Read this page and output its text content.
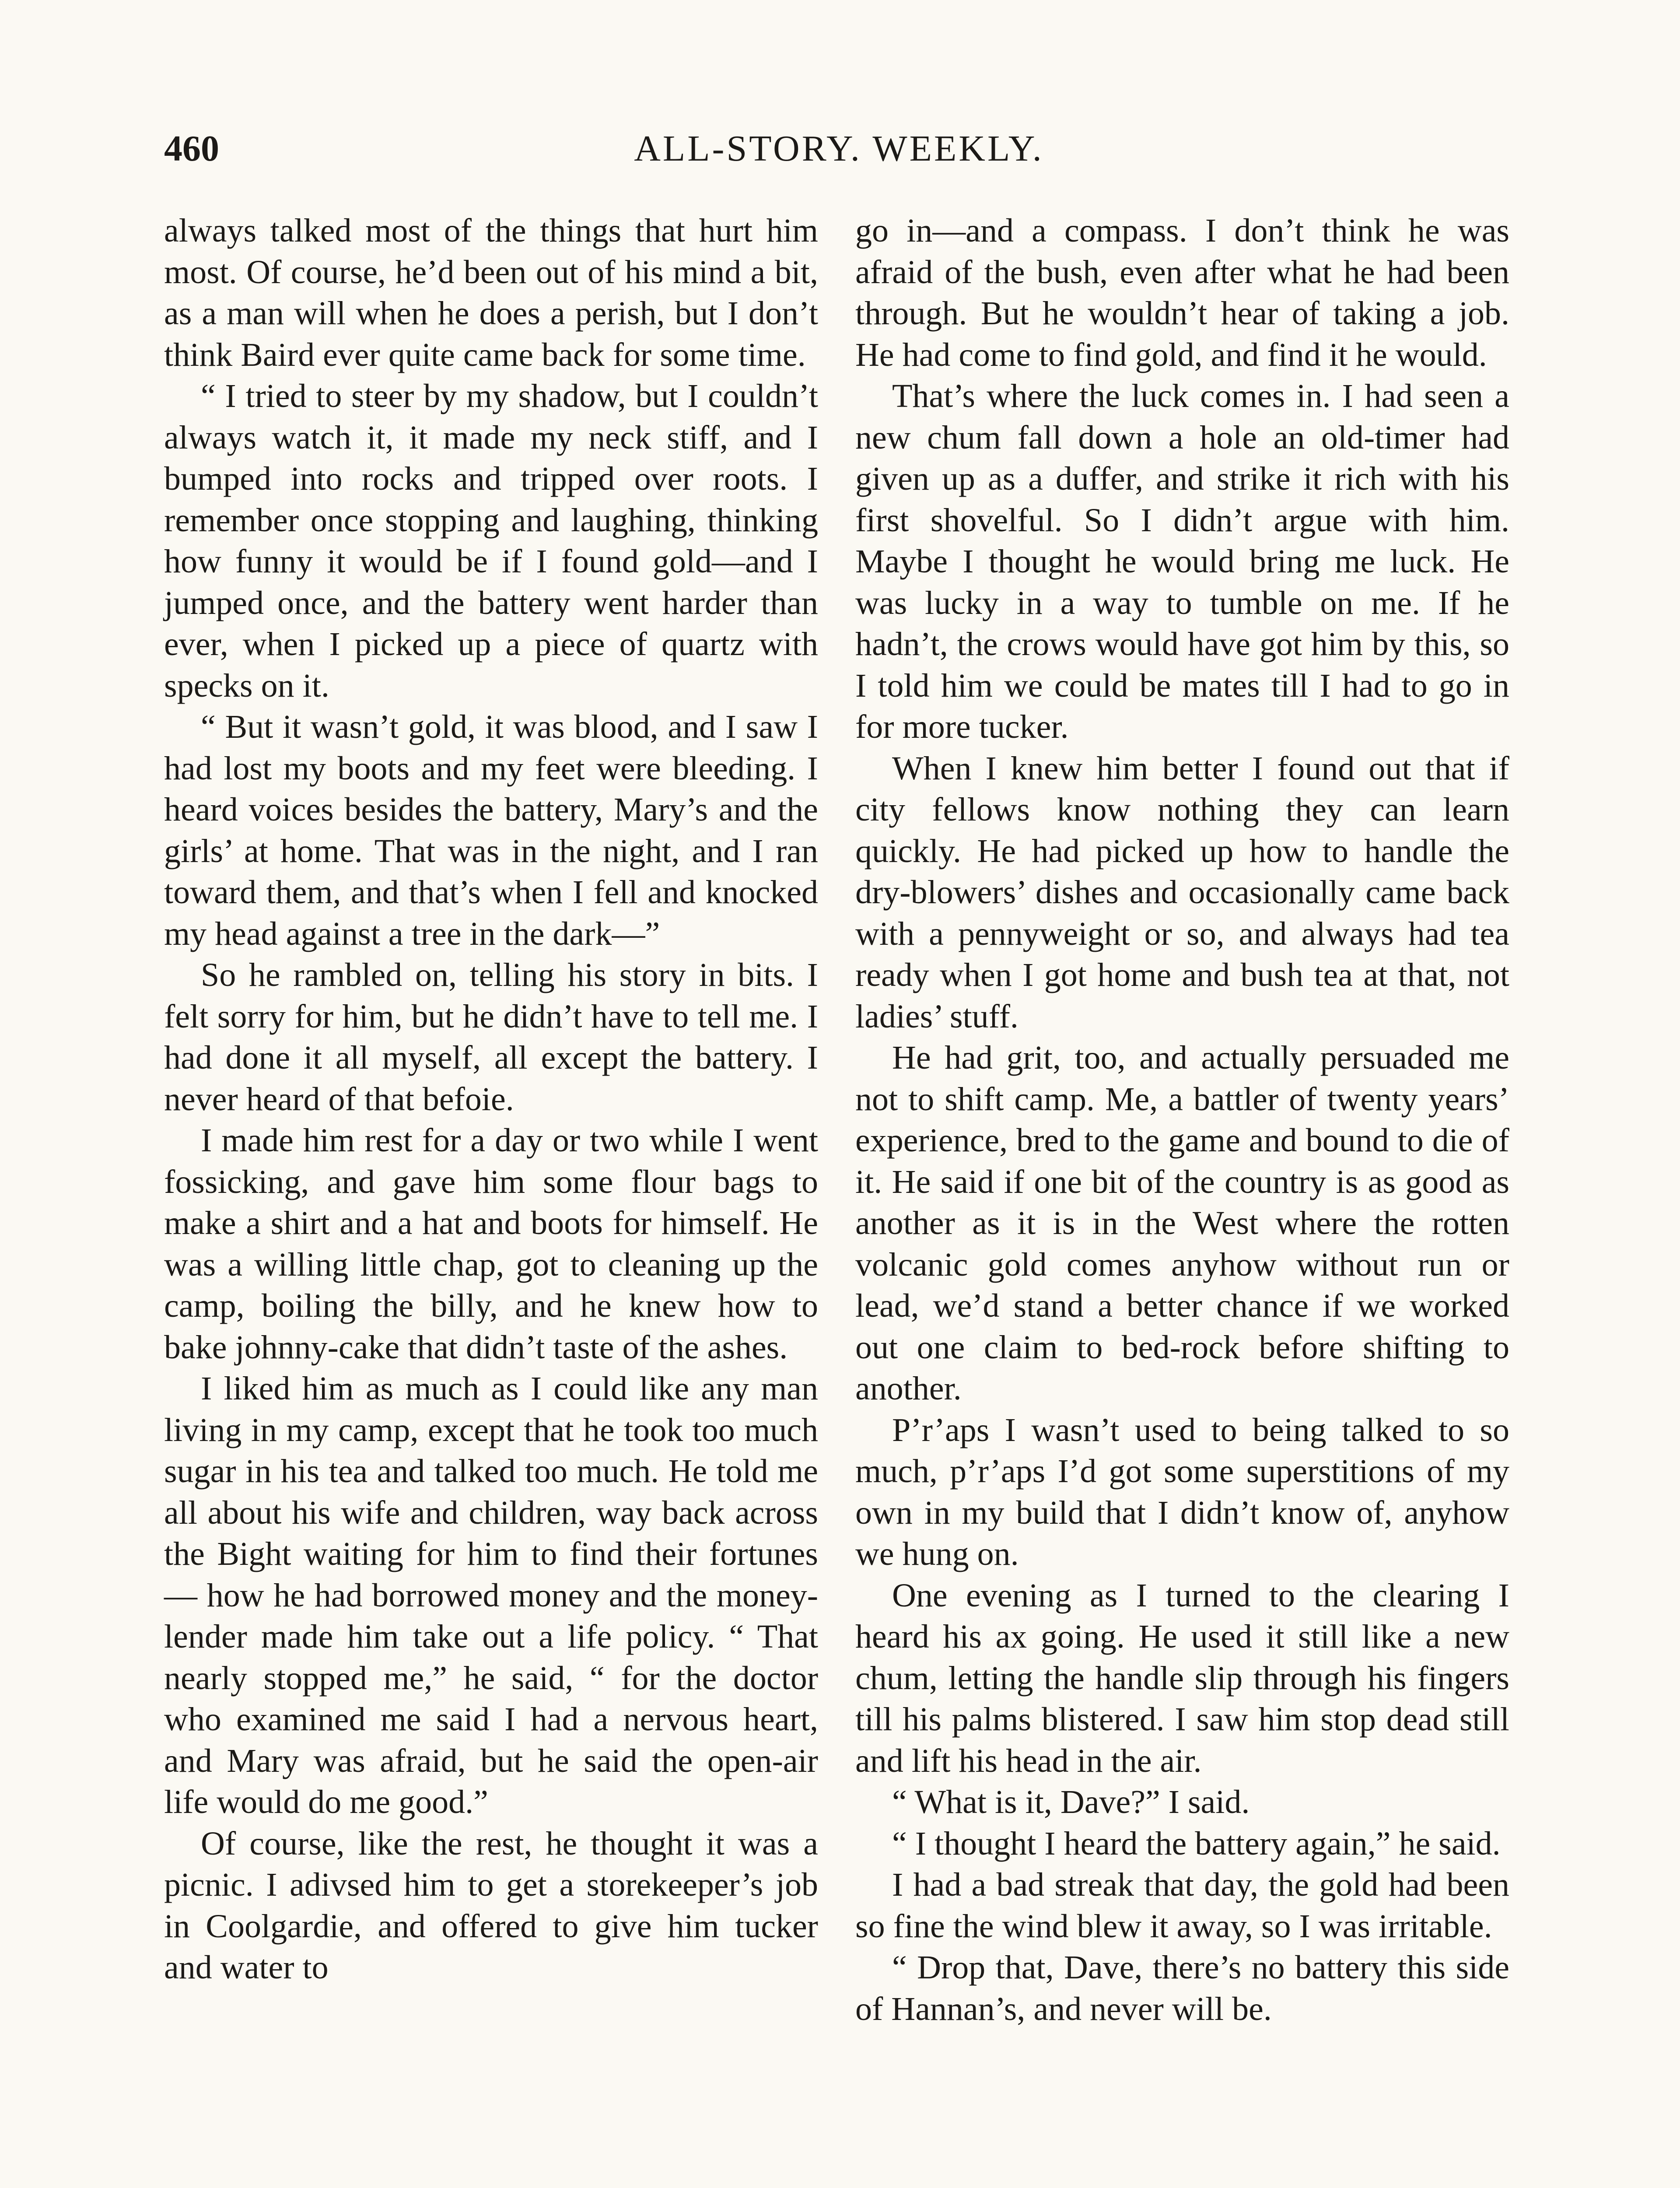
460	ALL-STORY. WEEKLY.

always talked most of the things that hurt him most. Of course, he’d been out of his mind a bit, as a man will when he does a perish, but I don’t think Baird ever quite came back for some time.

“ I tried to steer by my shadow, but I couldn’t always watch it, it made my neck stiff, and I bumped into rocks and tripped over roots. I remember once stopping and laughing, thinking how funny it would be if I found gold—and I jumped once, and the battery went harder than ever, when I picked up a piece of quartz with specks on it.

“ But it wasn’t gold, it was blood, and I saw I had lost my boots and my feet were bleeding. I heard voices besides the battery, Mary’s and the girls’ at home. That was in the night, and I ran toward them, and that’s when I fell and knocked my head against a tree in the dark—”

So he rambled on, telling his story in bits. I felt sorry for him, but he didn’t have to tell me. I had done it all myself, all except the battery. I never heard of that befoie.

I made him rest for a day or two while I went fossicking, and gave him some flour bags to make a shirt and a hat and boots for himself. He was a willing little chap, got to cleaning up the camp, boiling the billy, and he knew how to bake johnny-cake that didn’t taste of the ashes.

I liked him as much as I could like any man living in my camp, except that he took too much sugar in his tea and talked too much. He told me all about his wife and children, way back across the Bight waiting for him to find their fortunes — how he had borrowed money and the money-lender made him take out a life policy. “ That nearly stopped me,” he said, “ for the doctor who examined me said I had a nervous heart, and Mary was afraid, but he said the open-air life would do me good.”

Of course, like the rest, he thought it was a picnic. I adivsed him to get a storekeeper’s job in Coolgardie, and offered to give him tucker and water to

go in—and a compass. I don’t think he was afraid of the bush, even after what he had been through. But he wouldn’t hear of taking a job. He had come to find gold, and find it he would.

That’s where the luck comes in. I had seen a new chum fall down a hole an old-timer had given up as a duffer, and strike it rich with his first shovelful. So I didn’t argue with him. Maybe I thought he would bring me luck. He was lucky in a way to tumble on me. If he hadn’t, the crows would have got him by this, so I told him we could be mates till I had to go in for more tucker.

When I knew him better I found out that if city fellows know nothing they can learn quickly. He had picked up how to handle the dry-blowers’ dishes and occasionally came back with a pennyweight or so, and always had tea ready when I got home and bush tea at that, not ladies’ stuff.

He had grit, too, and actually persuaded me not to shift camp. Me, a battler of twenty years’ experience, bred to the game and bound to die of it. He said if one bit of the country is as good as another as it is in the West where the rotten volcanic gold comes anyhow without run or lead, we’d stand a better chance if we worked out one claim to bed-rock before shifting to another.

P’r’aps I wasn’t used to being talked to so much, p’r’aps I’d got some superstitions of my own in my build that I didn’t know of, anyhow we hung on.

One evening as I turned to the clearing I heard his ax going. He used it still like a new chum, letting the handle slip through his fingers till his palms blistered. I saw him stop dead still and lift his head in the air.

“ What is it, Dave?” I said.

“ I thought I heard the battery again,” he said.

I had a bad streak that day, the gold had been so fine the wind blew it away, so I was irritable.

“ Drop that, Dave, there’s no battery this side of Hannan’s, and never will be.
